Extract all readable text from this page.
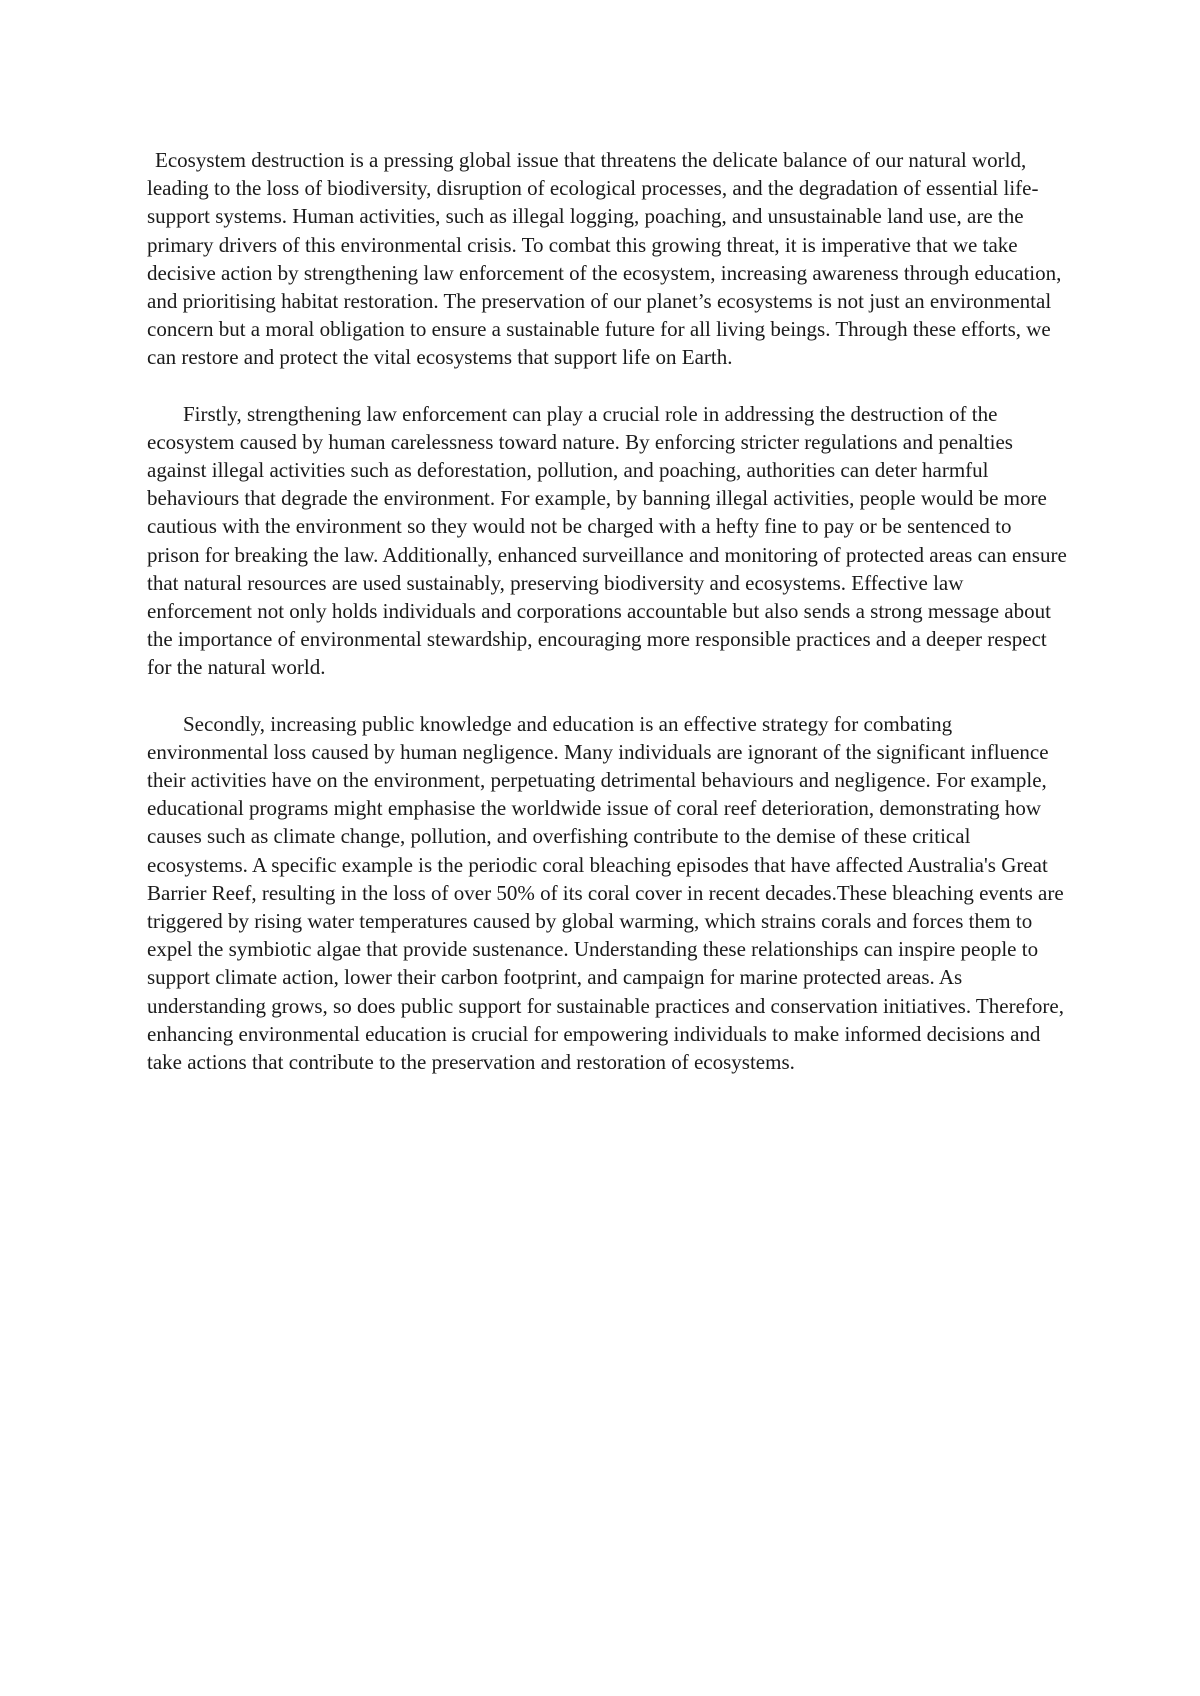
Ecosystem destruction is a pressing global issue that threatens the delicate balance of our natural world, leading to the loss of biodiversity, disruption of ecological processes, and the degradation of essential life-support systems. Human activities, such as illegal logging, poaching, and unsustainable land use, are the primary drivers of this environmental crisis. To combat this growing threat, it is imperative that we take decisive action by strengthening law enforcement of the ecosystem, increasing awareness through education, and prioritising habitat restoration. The preservation of our planet’s ecosystems is not just an environmental concern but a moral obligation to ensure a sustainable future for all living beings. Through these efforts, we can restore and protect the vital ecosystems that support life on Earth.

Firstly, strengthening law enforcement can play a crucial role in addressing the destruction of the ecosystem caused by human carelessness toward nature. By enforcing stricter regulations and penalties against illegal activities such as deforestation, pollution, and poaching, authorities can deter harmful behaviours that degrade the environment. For example, by banning illegal activities, people would be more cautious with the environment so they would not be charged with a hefty fine to pay or be sentenced to prison for breaking the law. Additionally, enhanced surveillance and monitoring of protected areas can ensure that natural resources are used sustainably, preserving biodiversity and ecosystems. Effective law enforcement not only holds individuals and corporations accountable but also sends a strong message about the importance of environmental stewardship, encouraging more responsible practices and a deeper respect for the natural world.

Secondly, increasing public knowledge and education is an effective strategy for combating environmental loss caused by human negligence. Many individuals are ignorant of the significant influence their activities have on the environment, perpetuating detrimental behaviours and negligence. For example, educational programs might emphasise the worldwide issue of coral reef deterioration, demonstrating how causes such as climate change, pollution, and overfishing contribute to the demise of these critical ecosystems. A specific example is the periodic coral bleaching episodes that have affected Australia's Great Barrier Reef, resulting in the loss of over 50% of its coral cover in recent decades.These bleaching events are triggered by rising water temperatures caused by global warming, which strains corals and forces them to expel the symbiotic algae that provide sustenance. Understanding these relationships can inspire people to support climate action, lower their carbon footprint, and campaign for marine protected areas. As understanding grows, so does public support for sustainable practices and conservation initiatives. Therefore, enhancing environmental education is crucial for empowering individuals to make informed decisions and take actions that contribute to the preservation and restoration of ecosystems.
